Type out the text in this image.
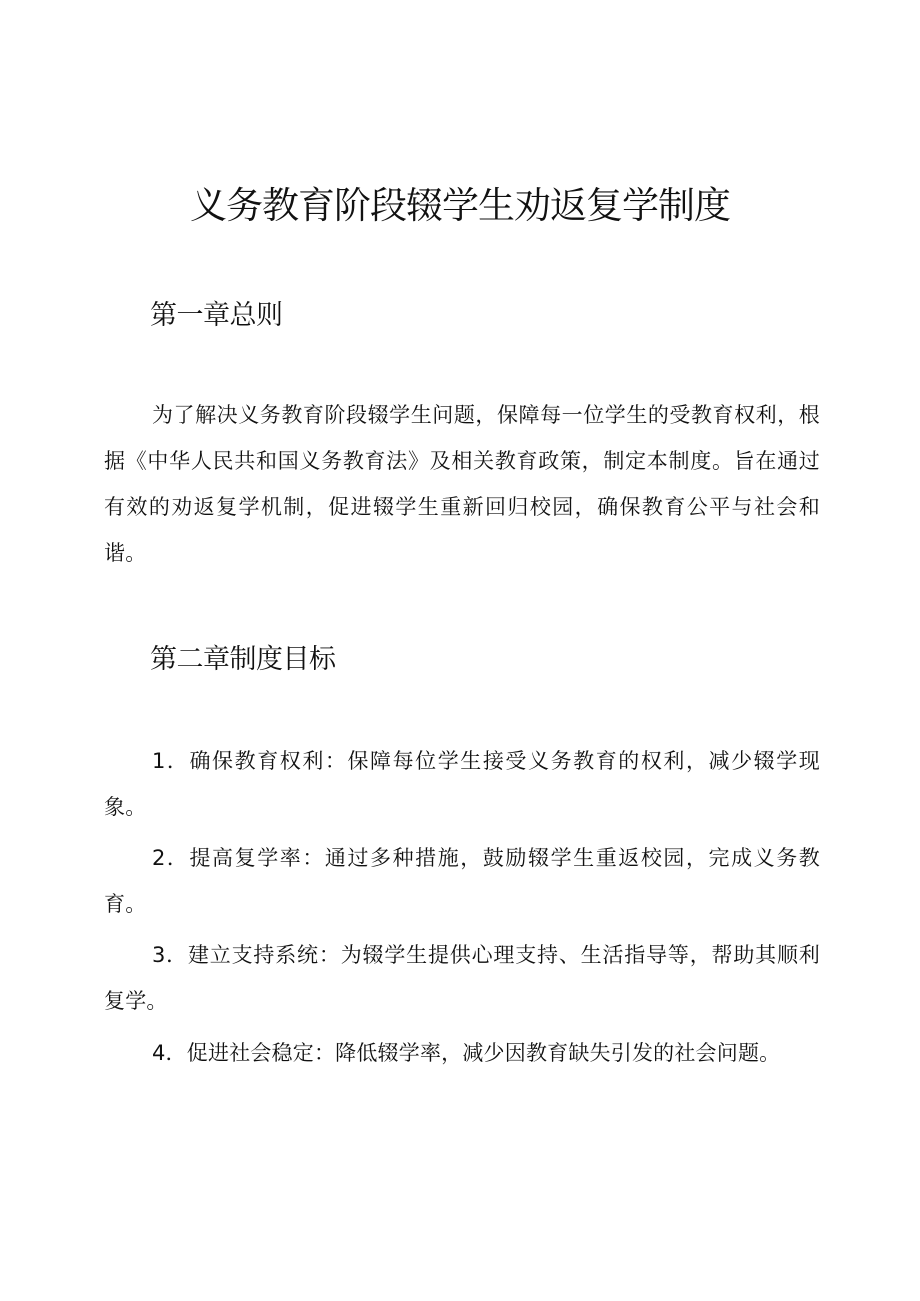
义务教育阶段辍学生劝返复学制度
第一章总则

为了解决义务教育阶段辍学生问题，保障每一位学生的受教育权利，根据《中华人民共和国义务教育法》及相关教育政策，制定本制度。旨在通过有效的劝返复学机制，促进辍学生重新回归校园，确保教育公平与社会和谐。

第二章制度目标

1．确保教育权利：保障每位学生接受义务教育的权利，减少辍学现象。

2．提高复学率：通过多种措施，鼓励辍学生重返校园，完成义务教育。

3．建立支持系统：为辍学生提供心理支持、生活指导等，帮助其顺利复学。

4．促进社会稳定：降低辍学率，减少因教育缺失引发的社会问题。
